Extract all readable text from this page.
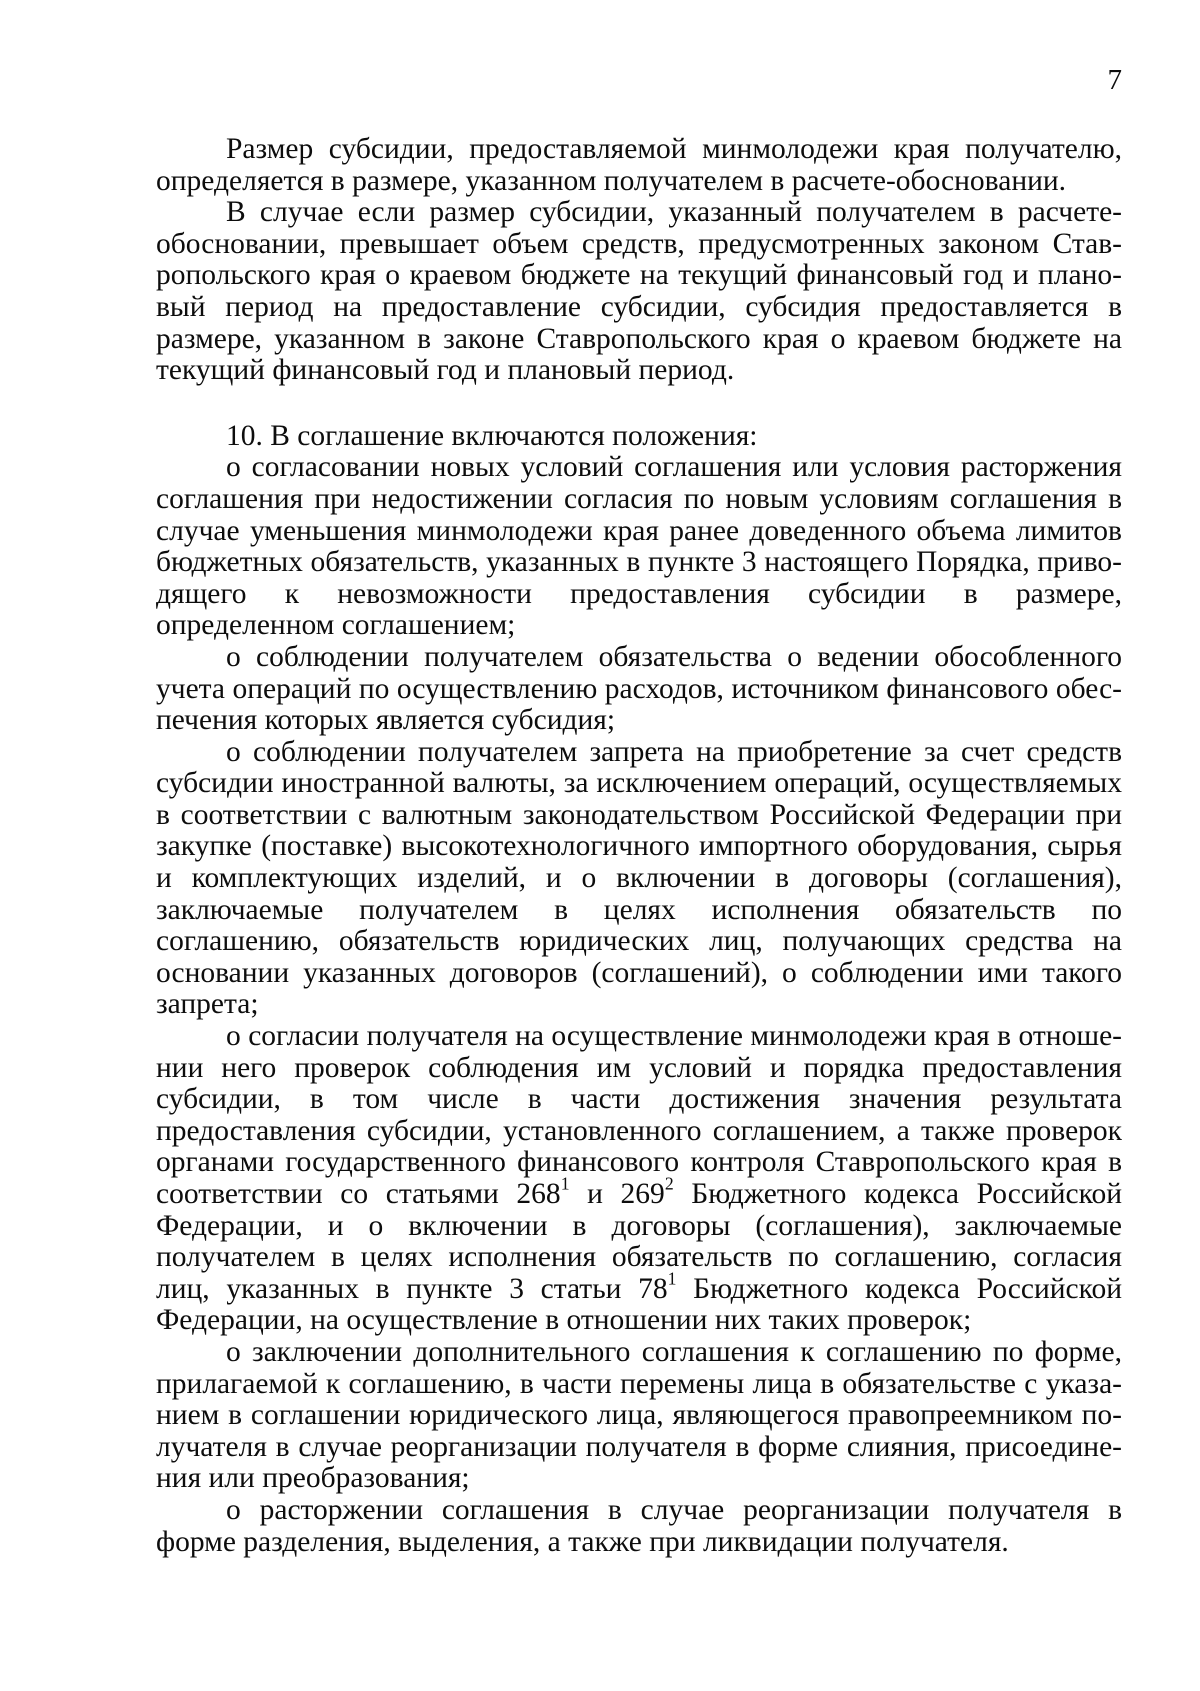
7

Размер субсидии, предоставляемой минмолодежи края получателю, определяется в размере, указанном получателем в расчете-обосновании.

В случае если размер субсидии, указанный получателем в расчете-обосновании, превышает объем средств, предусмотренных законом Ставропольского края о краевом бюджете на текущий финансовый год и плановый период на предоставление субсидии, субсидия предоставляется в размере, указанном в законе Ставропольского края о краевом бюджете на текущий финансовый год и плановый период.

10. В соглашение включаются положения:

о согласовании новых условий соглашения или условия расторжения соглашения при недостижении согласия по новым условиям соглашения в случае уменьшения минмолодежи края ранее доведенного объема лимитов бюджетных обязательств, указанных в пункте 3 настоящего Порядка, приводящего к невозможности предоставления субсидии в размере, определенном соглашением;

о соблюдении получателем обязательства о ведении обособленного учета операций по осуществлению расходов, источником финансового обеспечения которых является субсидия;

о соблюдении получателем запрета на приобретение за счет средств субсидии иностранной валюты, за исключением операций, осуществляемых в соответствии с валютным законодательством Российской Федерации при закупке (поставке) высокотехнологичного импортного оборудования, сырья и комплектующих изделий, и о включении в договоры (соглашения), заключаемые получателем в целях исполнения обязательств по соглашению, обязательств юридических лиц, получающих средства на основании указанных договоров (соглашений), о соблюдении ими такого запрета;

о согласии получателя на осуществление минмолодежи края в отношении него проверок соблюдения им условий и порядка предоставления субсидии, в том числе в части достижения значения результата предоставления субсидии, установленного соглашением, а также проверок органами государственного финансового контроля Ставропольского края в соответствии со статьями $268^1$ и $269^2$ Бюджетного кодекса Российской Федерации, и о включении в договоры (соглашения), заключаемые получателем в целях исполнения обязательств по соглашению, согласия лиц, указанных в пункте 3 статьи $78^1$ Бюджетного кодекса Российской Федерации, на осуществление в отношении них таких проверок;

о заключении дополнительного соглашения к соглашению по форме, прилагаемой к соглашению, в части перемены лица в обязательстве с указанием в соглашении юридического лица, являющегося правопреемником получателя в случае реорганизации получателя в форме слияния, присоединения или преобразования;

о расторжении соглашения в случае реорганизации получателя в форме разделения, выделения, а также при ликвидации получателя.
